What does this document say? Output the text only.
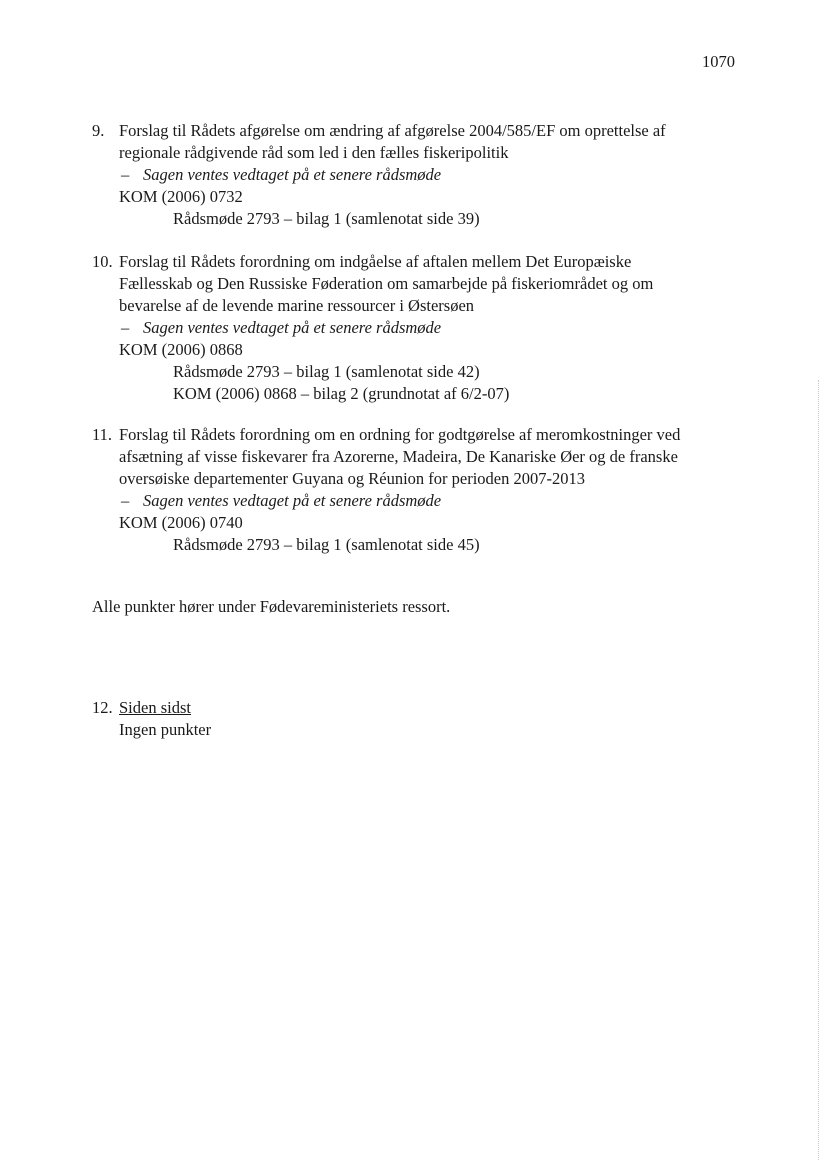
1070
9. Forslag til Rådets afgørelse om ændring af afgørelse 2004/585/EF om oprettelse af
regionale rådgivende råd som led i den fælles fiskeripolitik
– Sagen ventes vedtaget på et senere rådsmøde
KOM (2006) 0732
Rådsmøde 2793 – bilag 1 (samlenotat side 39)
10. Forslag til Rådets forordning om indgåelse af aftalen mellem Det Europæiske
Fællesskab og Den Russiske Føderation om samarbejde på fiskeriområdet og om
bevarelse af de levende marine ressourcer i Østersøen
– Sagen ventes vedtaget på et senere rådsmøde
KOM (2006) 0868
Rådsmøde 2793 – bilag 1 (samlenotat side 42)
KOM (2006) 0868 – bilag 2 (grundnotat af 6/2-07)
11. Forslag til Rådets forordning om en ordning for godtgørelse af meromkostninger ved
afsætning af visse fiskevarer fra Azorerne, Madeira, De Kanariske Øer og de franske
oversøiske departementer Guyana og Réunion for perioden 2007-2013
– Sagen ventes vedtaget på et senere rådsmøde
KOM (2006) 0740
Rådsmøde 2793 – bilag 1 (samlenotat side 45)
Alle punkter hører under Fødevareministeriets ressort.
12. Siden sidst
Ingen punkter
